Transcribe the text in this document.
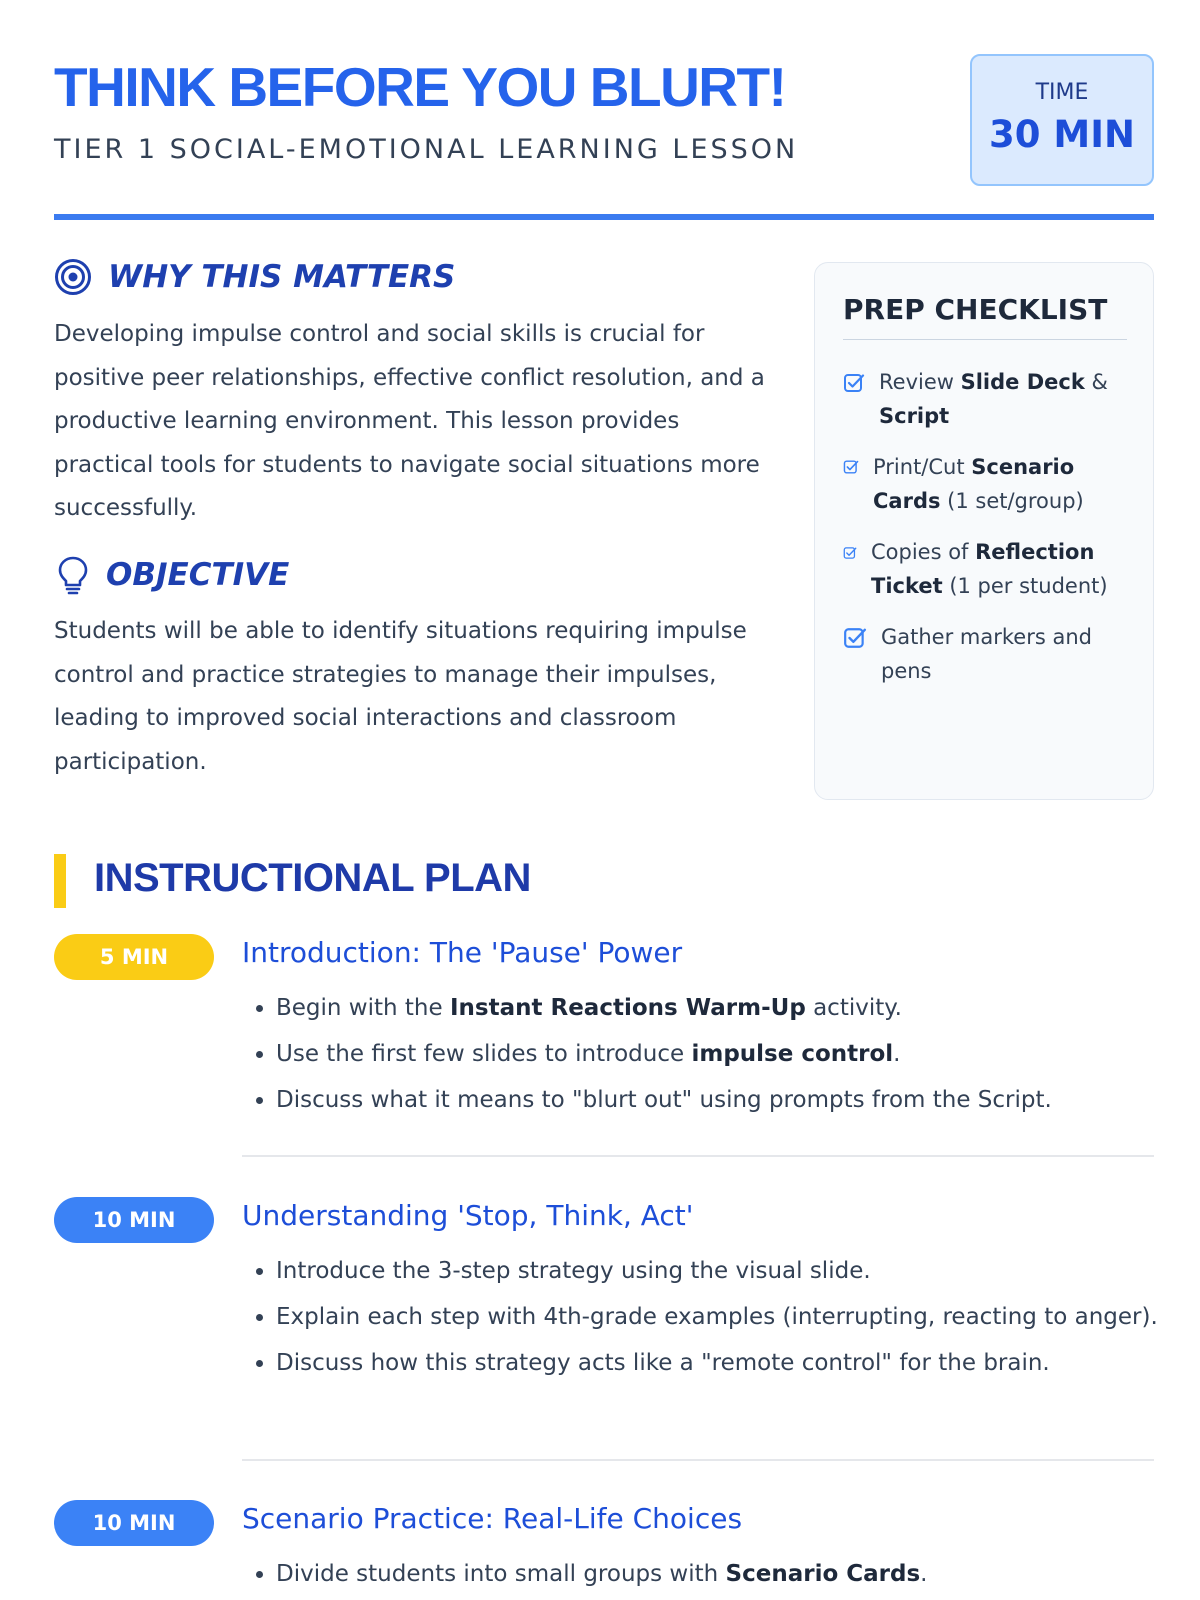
THINK BEFORE YOU BLURT!

TIER 1 SOCIAL-EMOTIONAL LEARNING LESSON

TIME
30 MIN
WHY THIS MATTERS

Developing impulse control and social skills is crucial for positive peer relationships, effective conflict resolution, and a productive learning environment. This lesson provides practical tools for students to navigate social situations more successfully.

OBJECTIVE

Students will be able to identify situations requiring impulse control and practice strategies to manage their impulses, leading to improved social interactions and classroom participation.

PREP CHECKLIST
Review Slide Deck & Script
Print/Cut Scenario Cards (1 set/group)
Copies of Reflection Ticket (1 per student)
Gather markers and pens
INSTRUCTIONAL PLAN
5 MIN	Introduction: The 'Pause' Power
• Begin with the Instant Reactions Warm-Up activity.
• Use the first few slides to introduce impulse control.
• Discuss what it means to "blurt out" using prompts from the Script.
10 MIN	Understanding 'Stop, Think, Act'
• Introduce the 3-step strategy using the visual slide.
• Explain each step with 4th-grade examples (interrupting, reacting to anger).
• Discuss how this strategy acts like a "remote control" for the brain.
10 MIN	Scenario Practice: Real-Life Choices
• Divide students into small groups with Scenario Cards.
